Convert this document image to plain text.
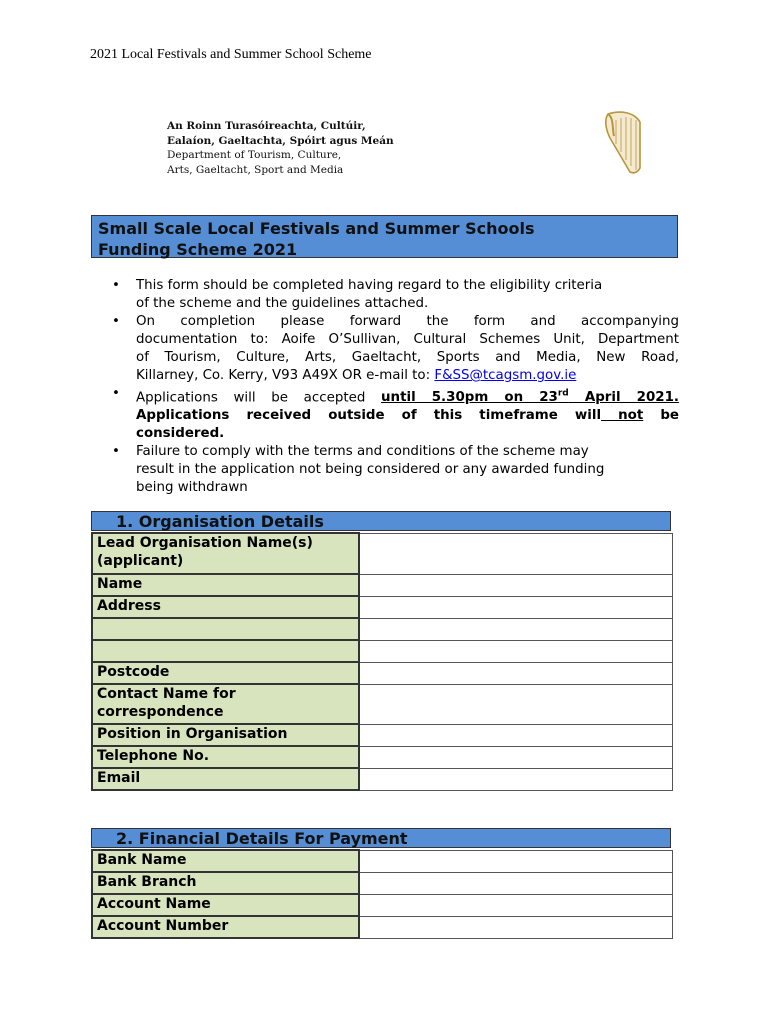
2021 Local Festivals and Summer School Scheme
An Roinn Turasóireachta, Cultúir,
Ealaíon, Gaeltachta, Spóirt agus Meán
Department of Tourism, Culture,
Arts, Gaeltacht, Sport and Media
Small Scale Local Festivals and Summer Schools
Funding Scheme 2021
• This form should be completed having regard to the eligibility criteria
of the scheme and the guidelines attached.
• On completion please forward the form and accompanying
documentation to: Aoife O’Sullivan, Cultural Schemes Unit, Department
of Tourism, Culture, Arts, Gaeltacht, Sports and Media, New Road,
Killarney, Co. Kerry, V93 A49X OR e-mail to: F&SS@tcagsm.gov.ie
• Applications will be accepted until 5.30pm on 23rd April 2021.
Applications received outside of this timeframe will not be
considered.
• Failure to comply with the terms and conditions of the scheme may
result in the application not being considered or any awarded funding
being withdrawn
1. Organisation Details
Lead Organisation Name(s) (applicant)	
Name	
Address	

Postcode	
Contact Name for correspondence	
Position in Organisation	
Telephone No.	
Email	
2. Financial Details For Payment
Bank Name	
Bank Branch	
Account Name	
Account Number	
